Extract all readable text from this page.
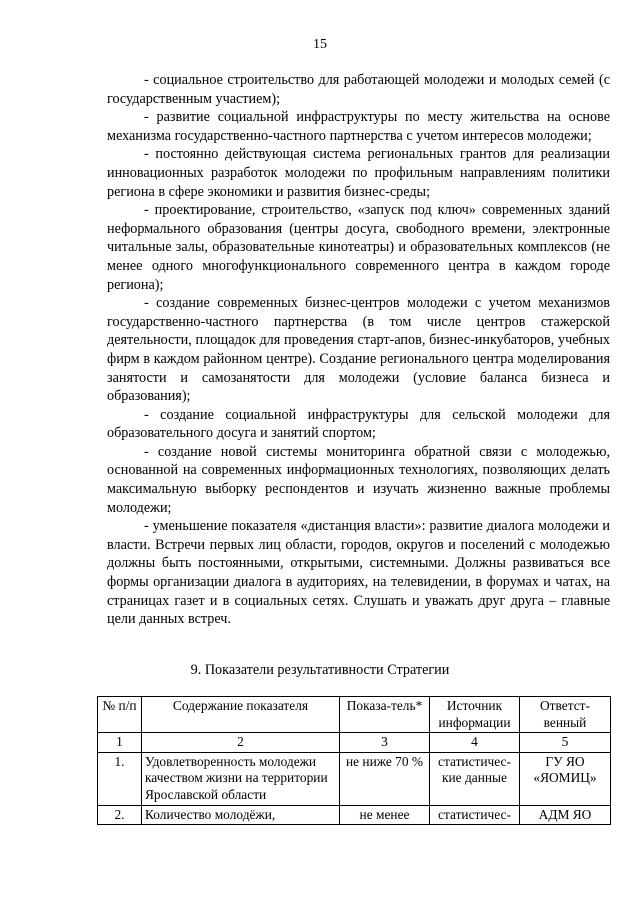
15

- социальное строительство для работающей молодежи и молодых семей (с государственным участием);

- развитие социальной инфраструктуры по месту жительства на основе механизма государственно-частного партнерства с учетом интересов молодежи;

- постоянно действующая система региональных грантов для реализации инновационных разработок молодежи по профильным направлениям политики региона в сфере экономики и развития бизнес-среды;

- проектирование, строительство, «запуск под ключ» современных зданий неформального образования (центры досуга, свободного времени, электронные читальные залы, образовательные кинотеатры) и образовательных комплексов (не менее одного многофункционального современного центра в каждом городе региона);

- создание современных бизнес-центров молодежи с учетом механизмов государственно-частного партнерства (в том числе центров стажерской деятельности, площадок для проведения старт-апов, бизнес-инкубаторов, учебных фирм в каждом районном центре). Создание регионального центра моделирования занятости и самозанятости для молодежи (условие баланса бизнеса и образования);

- создание социальной инфраструктуры для сельской молодежи для образовательного досуга и занятий спортом;

- создание новой системы мониторинга обратной связи с молодежью, основанной на современных информационных технологиях, позволяющих делать максимальную выборку респондентов и изучать жизненно важные проблемы молодежи;

- уменьшение показателя «дистанция власти»: развитие диалога молодежи и власти. Встречи первых лиц области, городов, округов и поселений с молодежью должны быть постоянными, открытыми, системными. Должны развиваться все формы организации диалога в аудиториях, на телевидении, в форумах и чатах, на страницах газет и в социальных сетях. Слушать и уважать друг друга – главные цели данных встреч.

9. Показатели результативности Стратегии
№ п/п	Содержание показателя	Показа-тель*	Источник информации	Ответст-венный
1	2	3	4	5
1.	Удовлетворенность молодежи качеством жизни на территории Ярославской области	не ниже 70 %	статистичес-кие данные	ГУ ЯО «ЯОМИЦ»
2.	Количество молодёжи,	не менее	статистичес-	АДМ ЯО
